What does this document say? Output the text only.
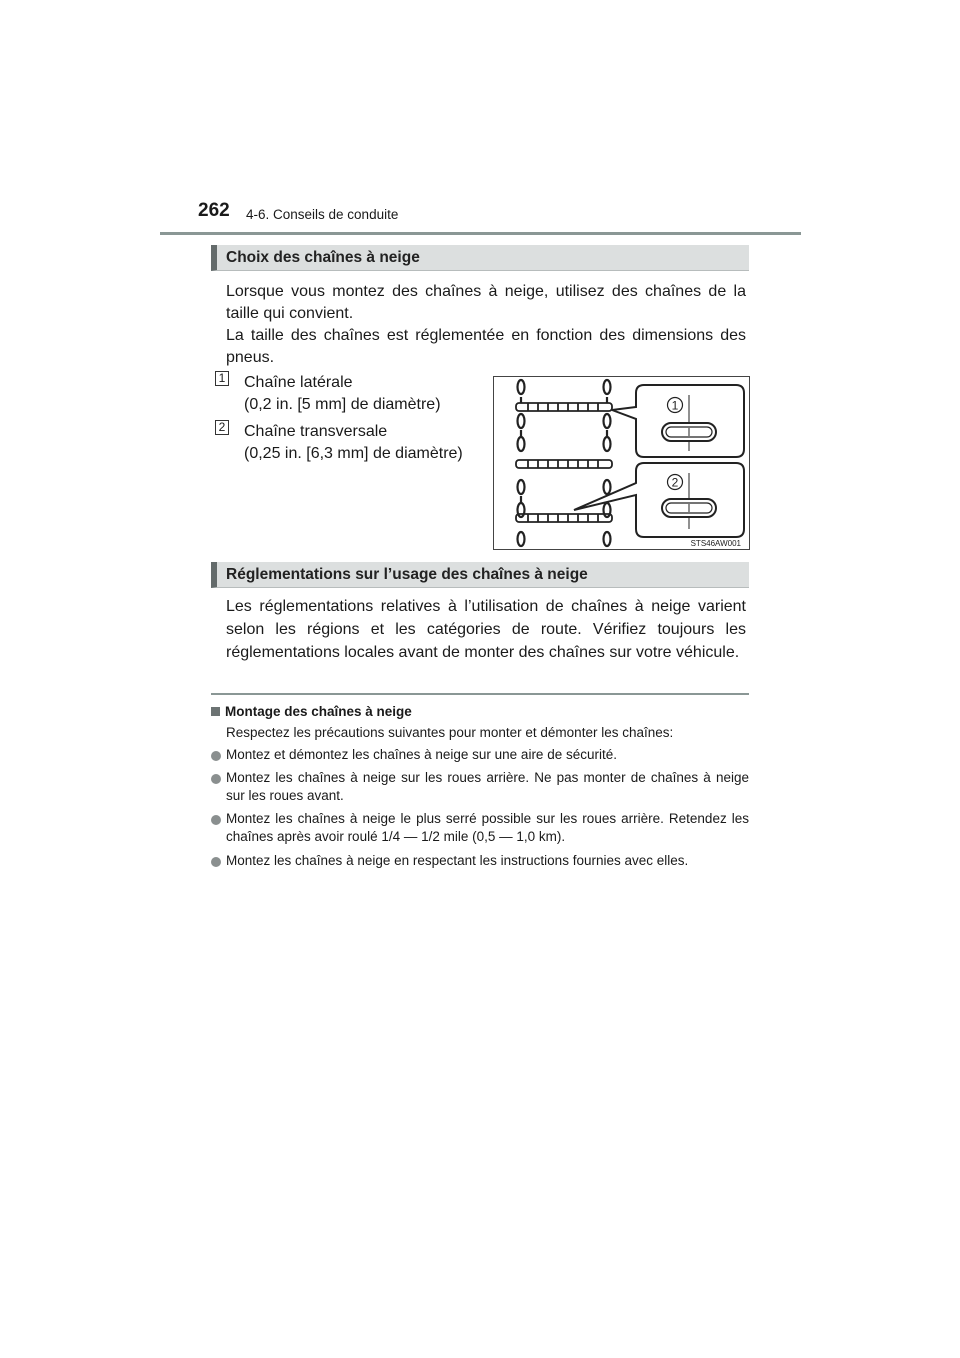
262 4-6. Conseils de conduite
Choix des chaînes à neige
Lorsque vous montez des chaînes à neige, utilisez des chaînes de la taille qui convient.
La taille des chaînes est réglementée en fonction des dimensions des pneus.
1 Chaîne latérale
(0,2 in. [5 mm] de diamètre)
2 Chaîne transversale
(0,25 in. [6,3 mm] de diamètre)
1
2
STS46AW001
Réglementations sur l’usage des chaînes à neige
Les réglementations relatives à l’utilisation de chaînes à neige varient selon les régions et les catégories de route. Vérifiez toujours les réglementations locales avant de monter des chaînes sur votre véhicule.
Montage des chaînes à neige
Respectez les précautions suivantes pour monter et démonter les chaînes:
Montez et démontez les chaînes à neige sur une aire de sécurité.
Montez les chaînes à neige sur les roues arrière. Ne pas monter de chaînes à neige sur les roues avant.
Montez les chaînes à neige le plus serré possible sur les roues arrière. Retendez les chaînes après avoir roulé 1/4 — 1/2 mile (0,5 — 1,0 km).
Montez les chaînes à neige en respectant les instructions fournies avec elles.
